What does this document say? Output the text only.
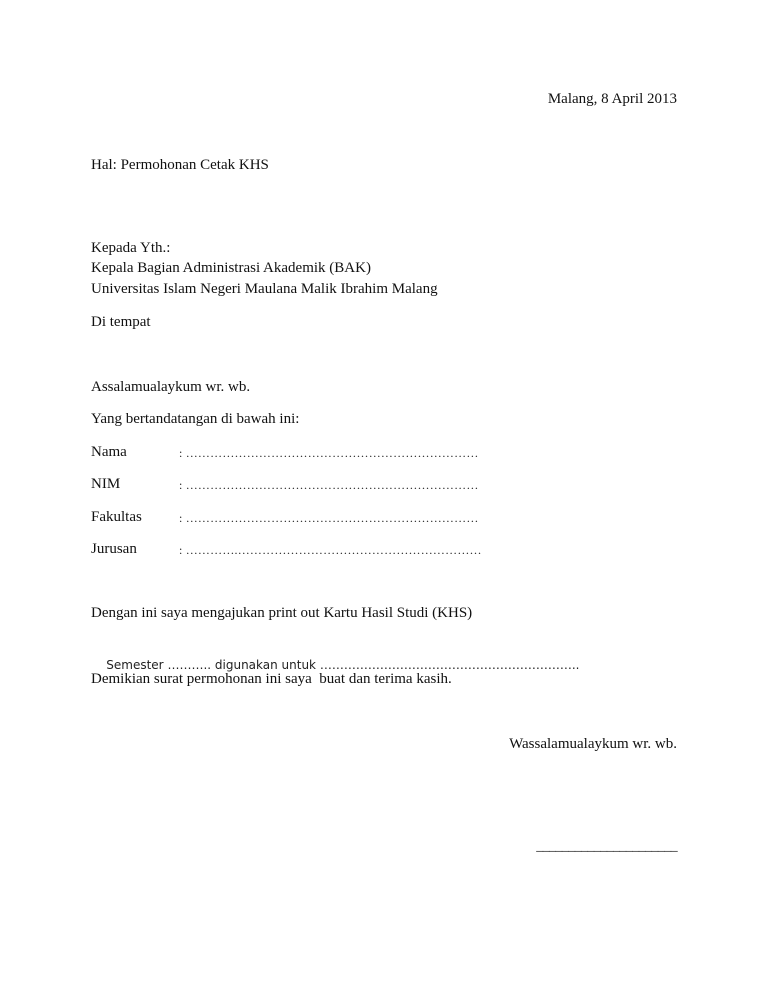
Malang, 8 April 2013
Hal: Permohonan Cetak KHS
Kepada Yth.:
Kepala Bagian Administrasi Akademik (BAK)
Universitas Islam Negeri Maulana Malik Ibrahim Malang
Di tempat
Assalamualaykum wr. wb.
Yang bertandatangan di bawah ini:
Nama	: ………………………………………………………………
NIM	: ………………………………………………………………
Fakultas	: ………………………………………………………………
Jurusan	: ………….……………………………………………………
Dengan ini saya mengajukan print out Kartu Hasil Studi (KHS)

Semester ……….. digunakan untuk ………………………………………………………..

Demikian surat permohonan ini saya  buat dan terima kasih.
Wassalamualaykum wr. wb.
______________________
